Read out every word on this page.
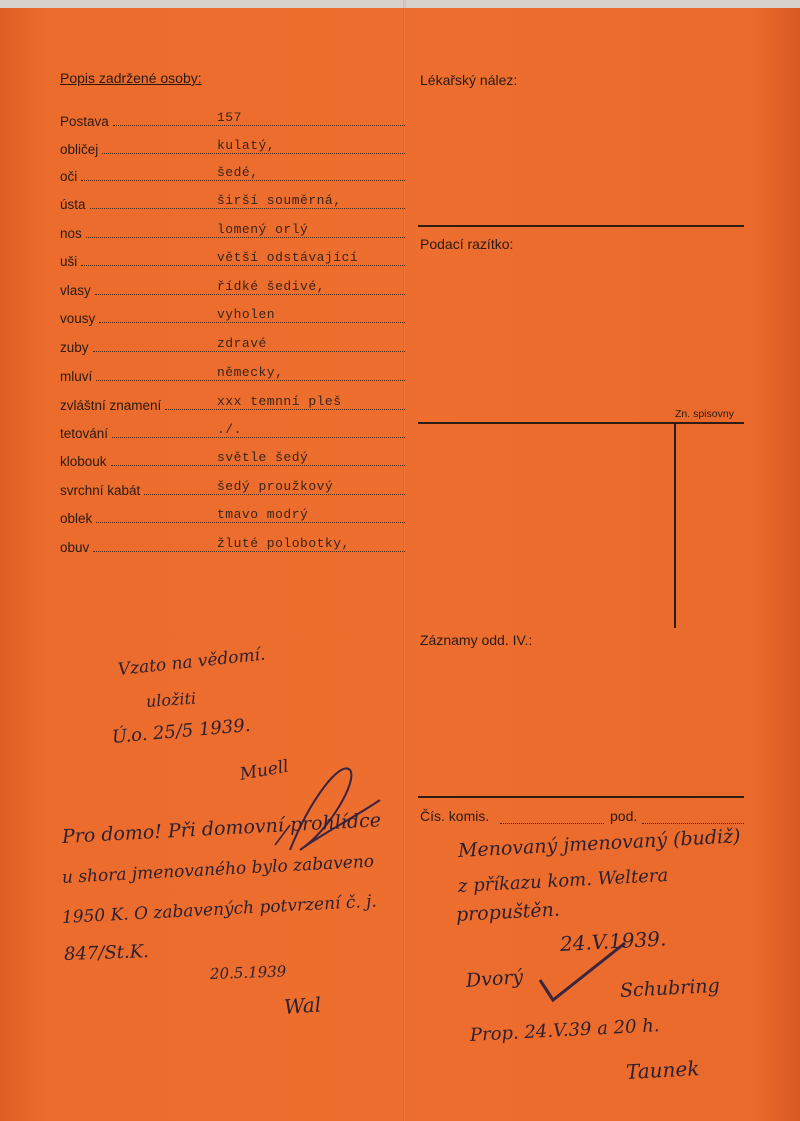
Popis zadržené osoby:
Postava	157
obličej	kulatý,
oči	šedé,
ústa	širší souměrná,
nos	lomený orlý
uši	větší odstávající
vlasy	řídké šedivé,
vousy	vyholen
zuby	zdravé
mluví	německy,
zvláštní znamení	xxx temnní pleš
tetování	./.
klobouk	světle šedý
svrchní kabát	šedý proužkový
oblek	tmavo modrý
obuv	žluté polobotky,
Vzato na vědomí.
uložiti
Ú.o. 25/5 1939.
Muell
Pro domo! Při domovní prohlídce
u shora jmenovaného bylo zabaveno
1950 K. O zabavených potvrzení č. j.
847/St.K.
20.5.1939
Wal
Lékařský nález:
Podací razítko:
Zn. spisovny
Záznamy odd. IV.:
Čís. komis.	pod.
Menovaný jmenovaný (budiž)
z příkazu kom. Weltera
propuštěn.
24.V.1939.
Dvorý	Schubring
Prop. 24.V.39 a 20 h.
Taunek
